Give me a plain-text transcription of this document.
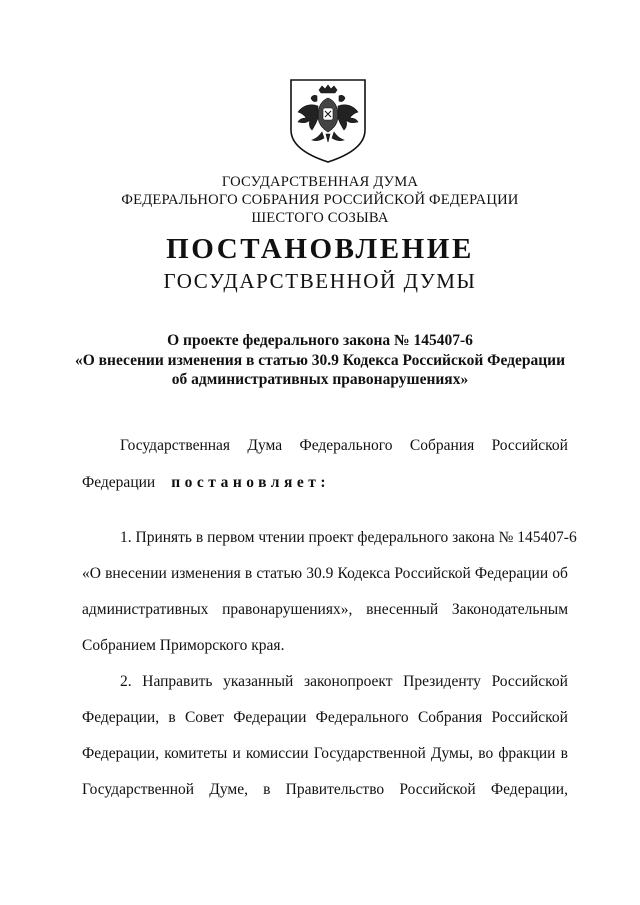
ГОСУДАРСТВЕННАЯ ДУМА
ФЕДЕРАЛЬНОГО СОБРАНИЯ РОССИЙСКОЙ ФЕДЕРАЦИИ
ШЕСТОГО СОЗЫВА
ПОСТАНОВЛЕНИЕ
ГОСУДАРСТВЕННОЙ ДУМЫ
О проекте федерального закона № 145407-6
«О внесении изменения в статью 30.9 Кодекса Российской Федерации
об административных правонарушениях»
Государственная Дума Федерального Собрания Российской
Федерации постановляет:
1. Принять в первом чтении проект федерального закона № 145407-6
«О внесении изменения в статью 30.9 Кодекса Российской Федерации об
административных правонарушениях», внесенный Законодательным
Собранием Приморского края.
2. Направить указанный законопроект Президенту Российской
Федерации, в Совет Федерации Федерального Собрания Российской
Федерации, комитеты и комиссии Государственной Думы, во фракции в
Государственной Думе, в Правительство Российской Федерации,
